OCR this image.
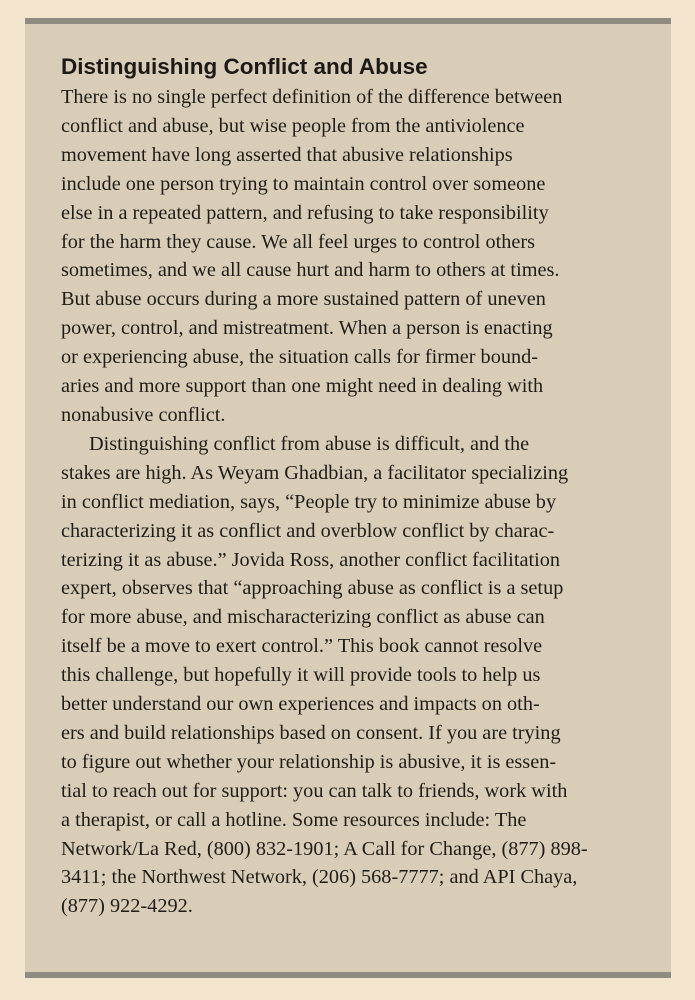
Distinguishing Conflict and Abuse

There is no single perfect definition of the difference between
conflict and abuse, but wise people from the antiviolence
movement have long asserted that abusive relationships
include one person trying to maintain control over someone
else in a repeated pattern, and refusing to take responsibility
for the harm they cause. We all feel urges to control others
sometimes, and we all cause hurt and harm to others at times.
But abuse occurs during a more sustained pattern of uneven
power, control, and mistreatment. When a person is enacting
or experiencing abuse, the situation calls for firmer bound-
aries and more support than one might need in dealing with
nonabusive conflict.

Distinguishing conflict from abuse is difficult, and the
stakes are high. As Weyam Ghadbian, a facilitator specializing
in conflict mediation, says, “People try to minimize abuse by
characterizing it as conflict and overblow conflict by charac-
terizing it as abuse.” Jovida Ross, another conflict facilitation
expert, observes that “approaching abuse as conflict is a setup
for more abuse, and mischaracterizing conflict as abuse can
itself be a move to exert control.” This book cannot resolve
this challenge, but hopefully it will provide tools to help us
better understand our own experiences and impacts on oth-
ers and build relationships based on consent. If you are trying
to figure out whether your relationship is abusive, it is essen-
tial to reach out for support: you can talk to friends, work with
a therapist, or call a hotline. Some resources include: The
Network/La Red, (800) 832-1901; A Call for Change, (877) 898-
3411; the Northwest Network, (206) 568-7777; and API Chaya,
(877) 922-4292.
